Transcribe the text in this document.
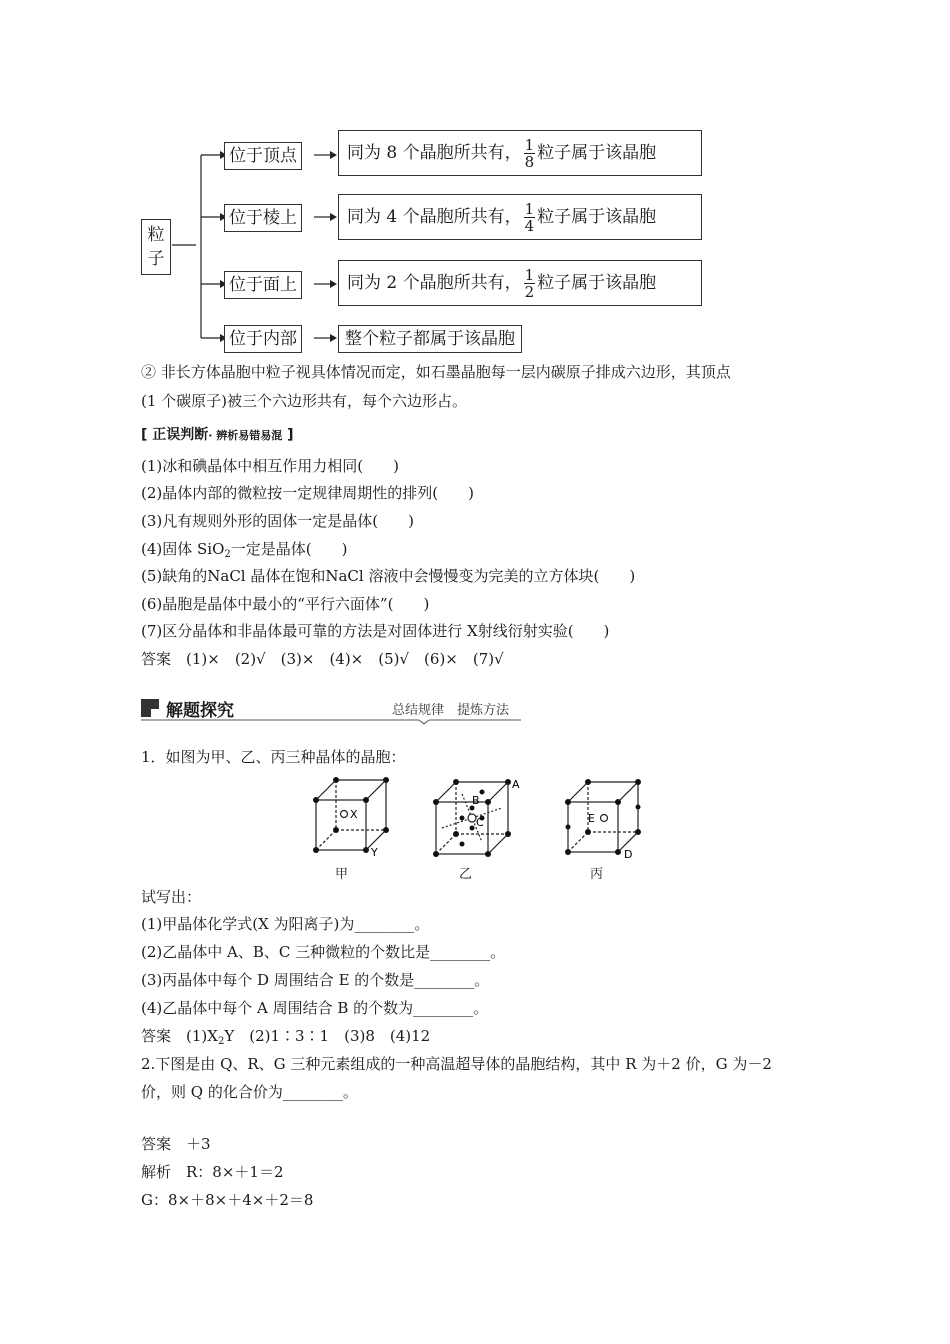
粒子
位于顶点
位于棱上
位于面上
位于内部
同为 8 个晶胞所共有， $\frac{1}{8}$ 粒子属于该晶胞
同为 4 个晶胞所共有， $\frac{1}{4}$ 粒子属于该晶胞
同为 2 个晶胞所共有， $\frac{1}{2}$ 粒子属于该晶胞
整个粒子都属于该晶胞
② 非长方体晶胞中粒子视具体情况而定，如石墨晶胞每一层内碳原子排成六边形，其顶点
(1 个碳原子)被三个六边形共有，每个六边形占。
[ 正误判断· 辨析易错易混 ]
(1)冰和碘晶体中相互作用力相同(　　)
(2)晶体内部的微粒按一定规律周期性的排列(　　)
(3)凡有规则外形的固体一定是晶体(　　)
(4)固体 SiO$_2$一定是晶体(　　)
(5)缺角的NaCl 晶体在饱和NaCl 溶液中会慢慢变为完美的立方体块(　　)
(6)晶胞是晶体中最小的“平行六面体”(　　)
(7)区分晶体和非晶体最可靠的方法是对固体进行 X射线衍射实验(　　)
答案　(1)×　(2)√　(3)×　(4)×　(5)√　(6)×　(7)√
解题探究	总结规律　提炼方法
1．如图为甲、乙、丙三种晶体的晶胞：
X
Y
甲
A
B
C
乙
E
D
丙
试写出：
(1)甲晶体化学式(X 为阳离子)为________。
(2)乙晶体中 A、B、C 三种微粒的个数比是________。
(3)丙晶体中每个 D 周围结合 E 的个数是________。
(4)乙晶体中每个 A 周围结合 B 的个数为________。
答案　$(1)X_2Y$　(2)1∶3∶1　(3)8　(4)12
2.下图是由 Q、R、G 三种元素组成的一种高温超导体的晶胞结构，其中 R 为＋2 价，G 为－2
价，则 Q 的化合价为________。
答案　＋3
解析　R：8×＋1＝2
G：8×＋8×＋4×＋2＝8
